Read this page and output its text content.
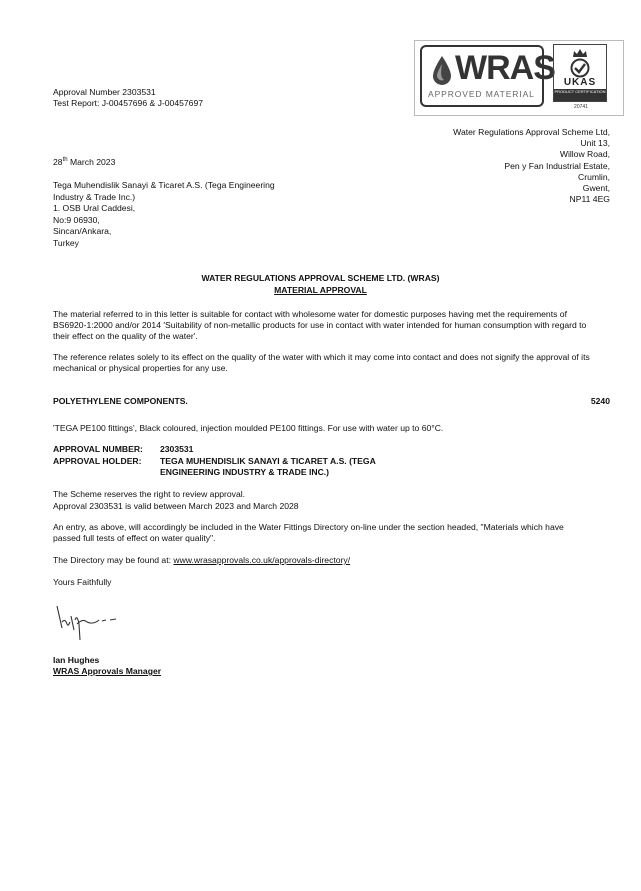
WRAS
APPROVED MATERIAL
UKAS
PRODUCT CERTIFICATION
20741
Approval Number 2303531
Test Report: J-00457696 & J-00457697
Water Regulations Approval Scheme Ltd,
Unit 13,
Willow Road,
Pen y Fan Industrial Estate,
Crumlin,
Gwent,
NP11 4EG
28th March 2023
Tega Muhendislik Sanayi & Ticaret A.S. (Tega Engineering
Industry & Trade Inc.)
1. OSB Ural Caddesi,
No:9 06930,
Sincan/Ankara,
Turkey
WATER REGULATIONS APPROVAL SCHEME LTD. (WRAS)
MATERIAL APPROVAL
The material referred to in this letter is suitable for contact with wholesome water for domestic purposes having met the requirements of BS6920-1:2000 and/or 2014 'Suitability of non-metallic products for use in contact with water intended for human consumption with regard to their effect on the quality of the water'.
The reference relates solely to its effect on the quality of the water with which it may come into contact and does not signify the approval of its mechanical or physical properties for any use.
POLYETHYLENE COMPONENTS.	5240
'TEGA PE100 fittings', Black coloured, injection moulded PE100 fittings. For use with water up to 60°C.
APPROVAL NUMBER: 2303531
APPROVAL HOLDER: TEGA MUHENDISLIK SANAYI & TICARET A.S. (TEGA
ENGINEERING INDUSTRY & TRADE INC.)
The Scheme reserves the right to review approval.
Approval 2303531 is valid between March 2023 and March 2028
An entry, as above, will accordingly be included in the Water Fittings Directory on-line under the section headed, "Materials which have passed full tests of effect on water quality".
The Directory may be found at: www.wrasapprovals.co.uk/approvals-directory/
Yours Faithfully
Ian Hughes
WRAS Approvals Manager
